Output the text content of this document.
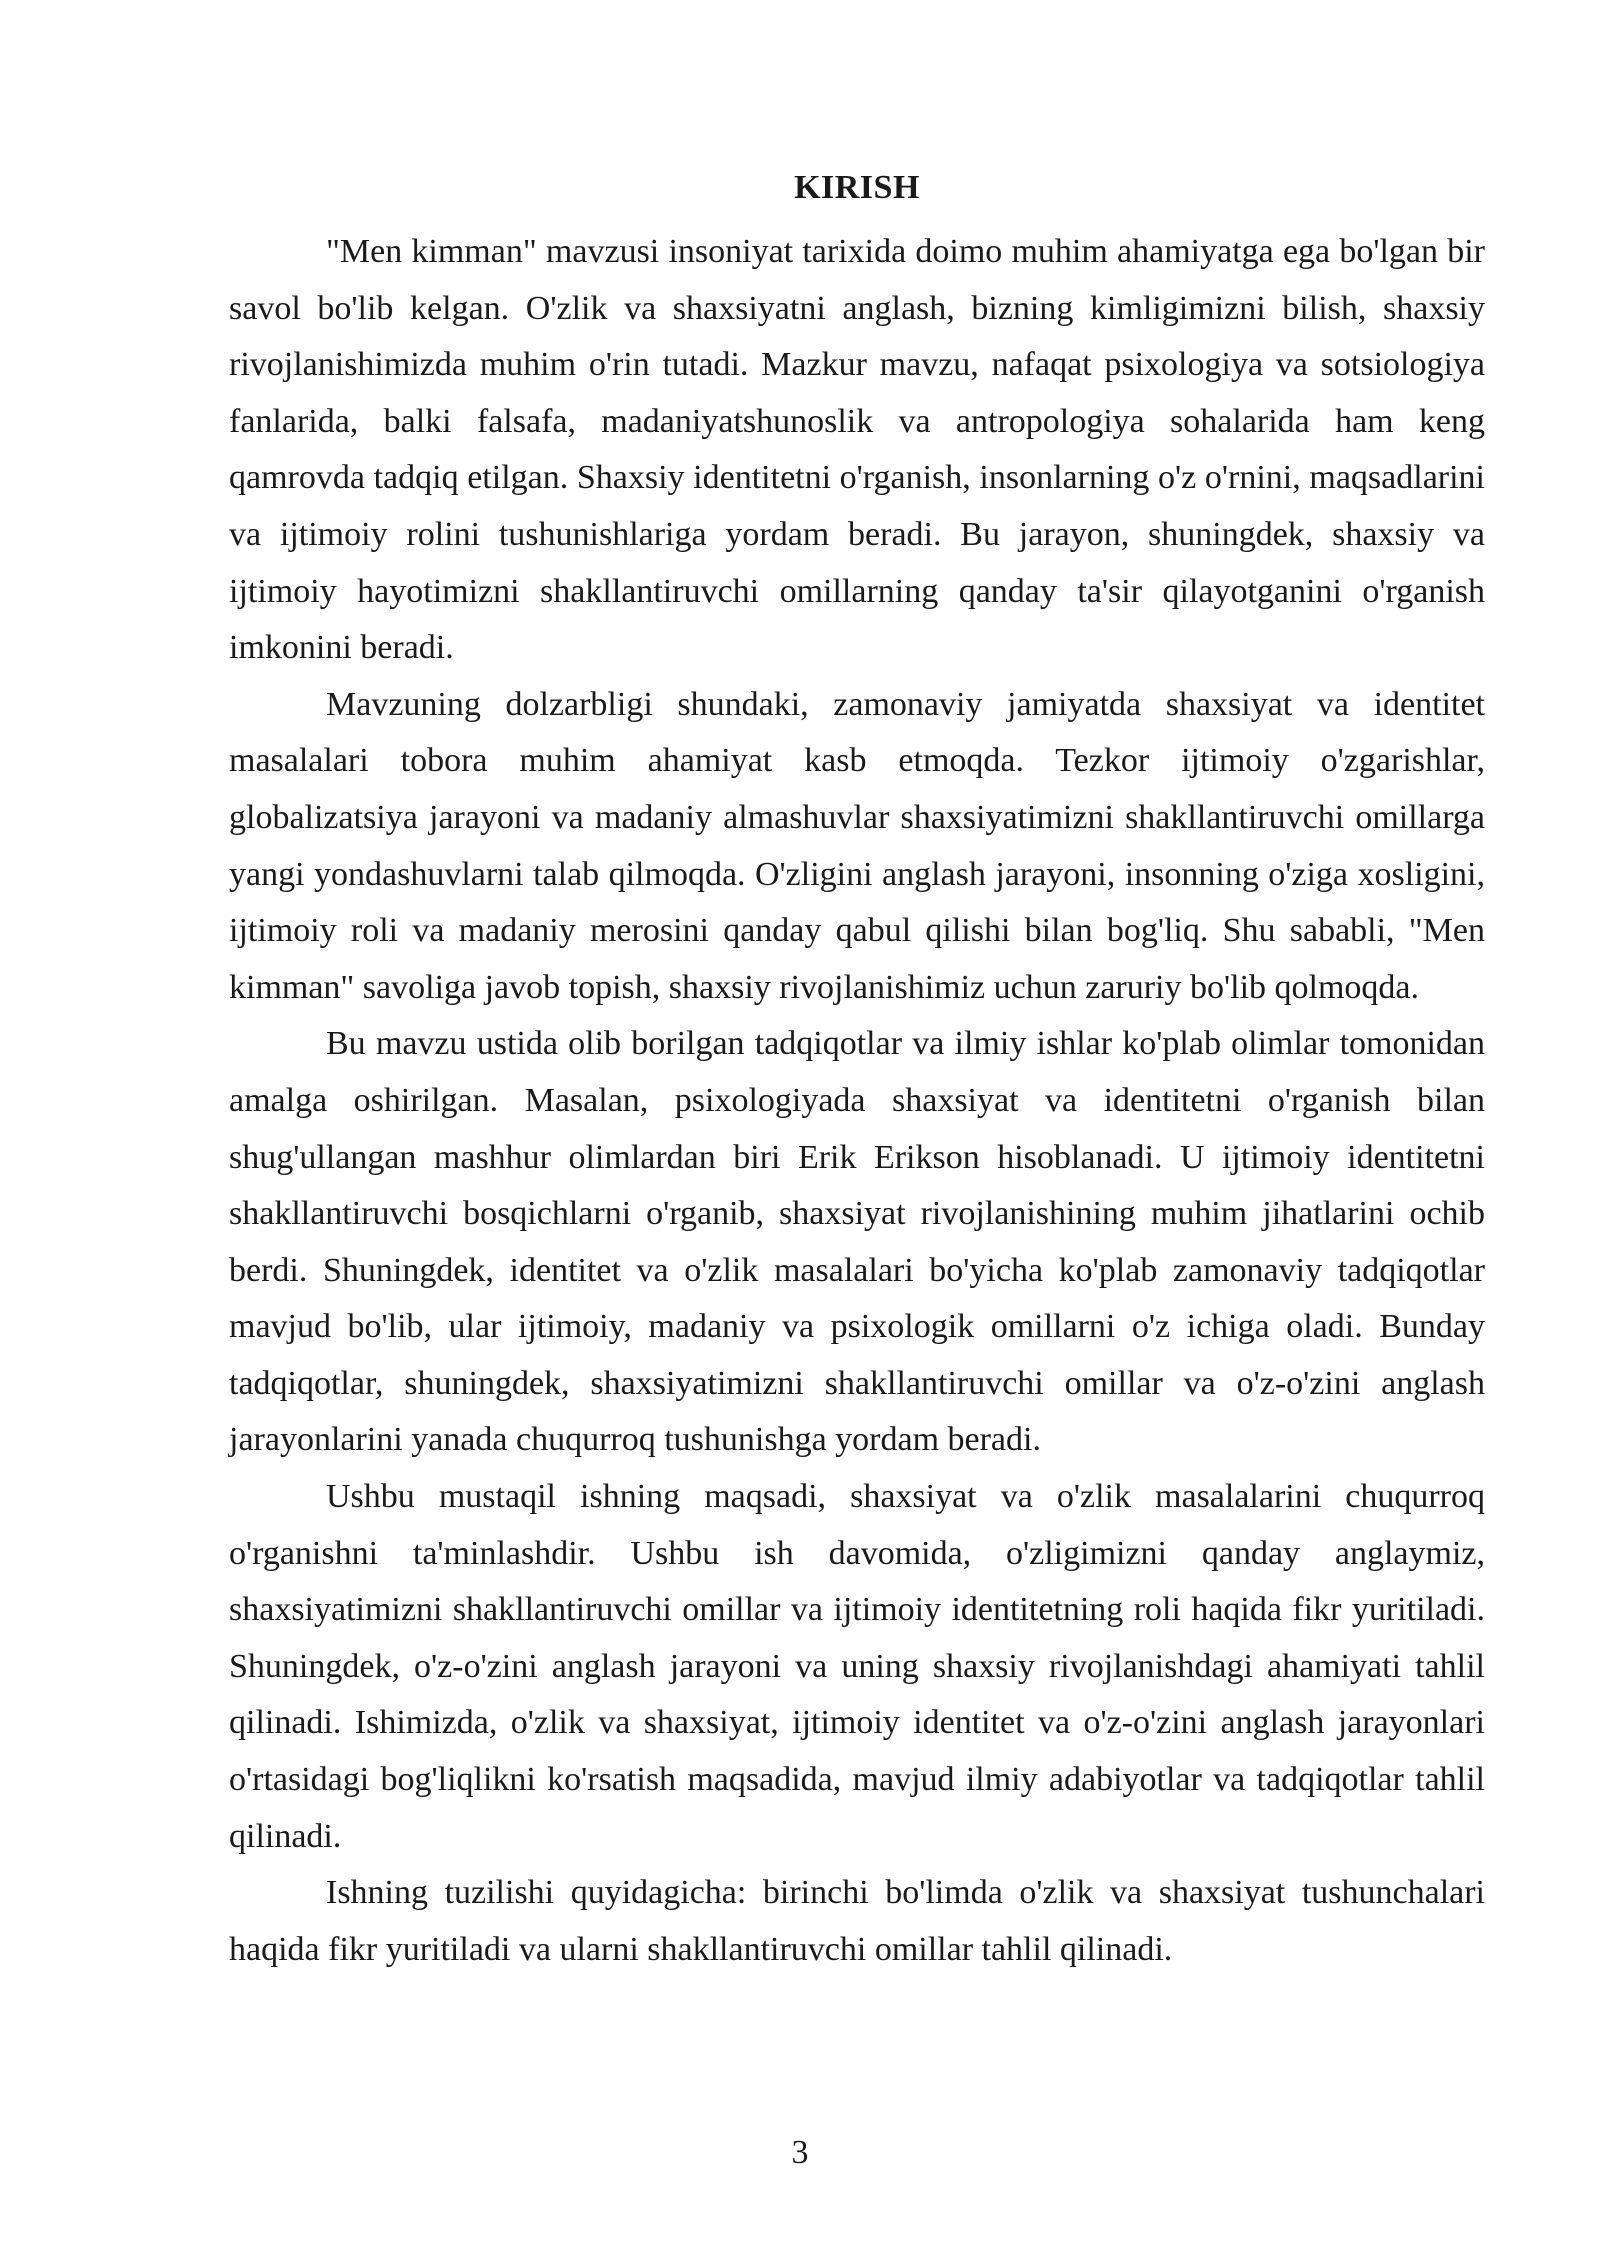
KIRISH

"Men kimman" mavzusi insoniyat tarixida doimo muhim ahamiyatga ega bo'lgan bir savol bo'lib kelgan. O'zlik va shaxsiyatni anglash, bizning kimligimizni bilish, shaxsiy rivojlanishimizda muhim o'rin tutadi. Mazkur mavzu, nafaqat psixologiya va sotsiologiya fanlarida, balki falsafa, madaniyatshunoslik va antropologiya sohalarida ham keng qamrovda tadqiq etilgan. Shaxsiy identitetni o'rganish, insonlarning o'z o'rnini, maqsadlarini va ijtimoiy rolini tushunishlariga yordam beradi. Bu jarayon, shuningdek, shaxsiy va ijtimoiy hayotimizni shakllantiruvchi omillarning qanday ta'sir qilayotganini o'rganish imkonini beradi.

Mavzuning dolzarbligi shundaki, zamonaviy jamiyatda shaxsiyat va identitet masalalari tobora muhim ahamiyat kasb etmoqda. Tezkor ijtimoiy o'zgarishlar, globalizatsiya jarayoni va madaniy almashuvlar shaxsiyatimizni shakllantiruvchi omillarga yangi yondashuvlarni talab qilmoqda. O'zligini anglash jarayoni, insonning o'ziga xosligini, ijtimoiy roli va madaniy merosini qanday qabul qilishi bilan bog'liq. Shu sababli, "Men kimman" savoliga javob topish, shaxsiy rivojlanishimiz uchun zaruriy bo'lib qolmoqda.

Bu mavzu ustida olib borilgan tadqiqotlar va ilmiy ishlar ko'plab olimlar tomonidan amalga oshirilgan. Masalan, psixologiyada shaxsiyat va identitetni o'rganish bilan shug'ullangan mashhur olimlardan biri Erik Erikson hisoblanadi. U ijtimoiy identitetni shakllantiruvchi bosqichlarni o'rganib, shaxsiyat rivojlanishining muhim jihatlarini ochib berdi. Shuningdek, identitet va o'zlik masalalari bo'yicha ko'plab zamonaviy tadqiqotlar mavjud bo'lib, ular ijtimoiy, madaniy va psixologik omillarni o'z ichiga oladi. Bunday tadqiqotlar, shuningdek, shaxsiyatimizni shakllantiruvchi omillar va o'z-o'zini anglash jarayonlarini yanada chuqurroq tushunishga yordam beradi.

Ushbu mustaqil ishning maqsadi, shaxsiyat va o'zlik masalalarini chuqurroq o'rganishni ta'minlashdir. Ushbu ish davomida, o'zligimizni qanday anglaymiz, shaxsiyatimizni shakllantiruvchi omillar va ijtimoiy identitetning roli haqida fikr yuritiladi. Shuningdek, o'z-o'zini anglash jarayoni va uning shaxsiy rivojlanishdagi ahamiyati tahlil qilinadi. Ishimizda, o'zlik va shaxsiyat, ijtimoiy identitet va o'z-o'zini anglash jarayonlari o'rtasidagi bog'liqlikni ko'rsatish maqsadida, mavjud ilmiy adabiyotlar va tadqiqotlar tahlil qilinadi.

Ishning tuzilishi quyidagicha: birinchi bo'limda o'zlik va shaxsiyat tushunchalari haqida fikr yuritiladi va ularni shakllantiruvchi omillar tahlil qilinadi.

3
